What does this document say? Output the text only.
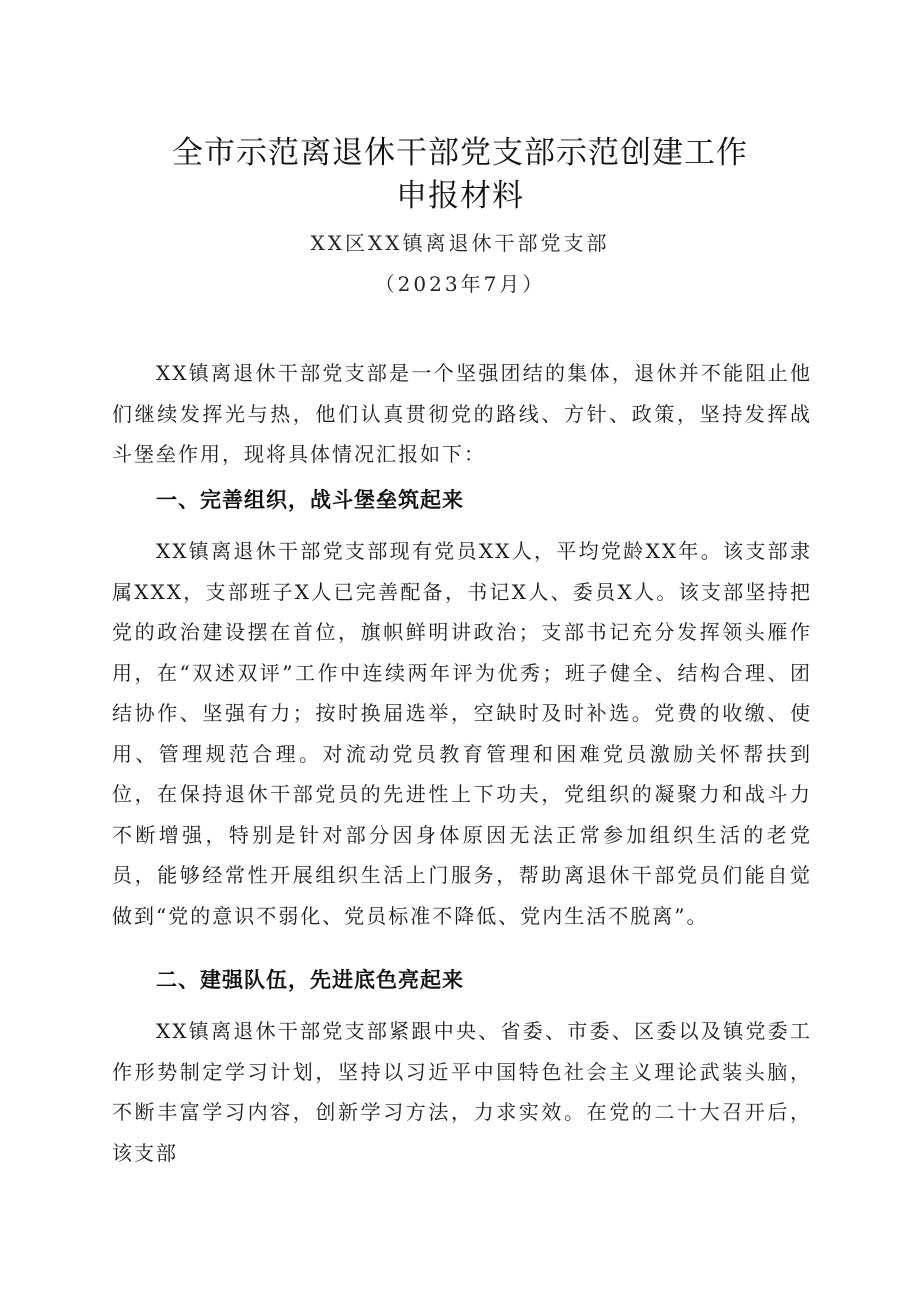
全市示范离退休干部党支部示范创建工作
申报材料
XX区XX镇离退休干部党支部
（2023年7月）

XX镇离退休干部党支部是一个坚强团结的集体，退休并不能阻止他们继续发挥光与热，他们认真贯彻党的路线、方针、政策，坚持发挥战斗堡垒作用，现将具体情况汇报如下：

一、完善组织，战斗堡垒筑起来

XX镇离退休干部党支部现有党员XX人，平均党龄XX年。该支部隶属XXX，支部班子X人已完善配备，书记X人、委员X人。该支部坚持把党的政治建设摆在首位，旗帜鲜明讲政治；支部书记充分发挥领头雁作用，在“双述双评”工作中连续两年评为优秀；班子健全、结构合理、团结协作、坚强有力；按时换届选举，空缺时及时补选。党费的收缴、使用、管理规范合理。对流动党员教育管理和困难党员激励关怀帮扶到位，在保持退休干部党员的先进性上下功夫，党组织的凝聚力和战斗力不断增强，特别是针对部分因身体原因无法正常参加组织生活的老党员，能够经常性开展组织生活上门服务，帮助离退休干部党员们能自觉做到“党的意识不弱化、党员标准不降低、党内生活不脱离”。

二、建强队伍，先进底色亮起来

XX镇离退休干部党支部紧跟中央、省委、市委、区委以及镇党委工作形势制定学习计划，坚持以习近平中国特色社会主义理论武装头脑，不断丰富学习内容，创新学习方法，力求实效。在党的二十大召开后，该支部
